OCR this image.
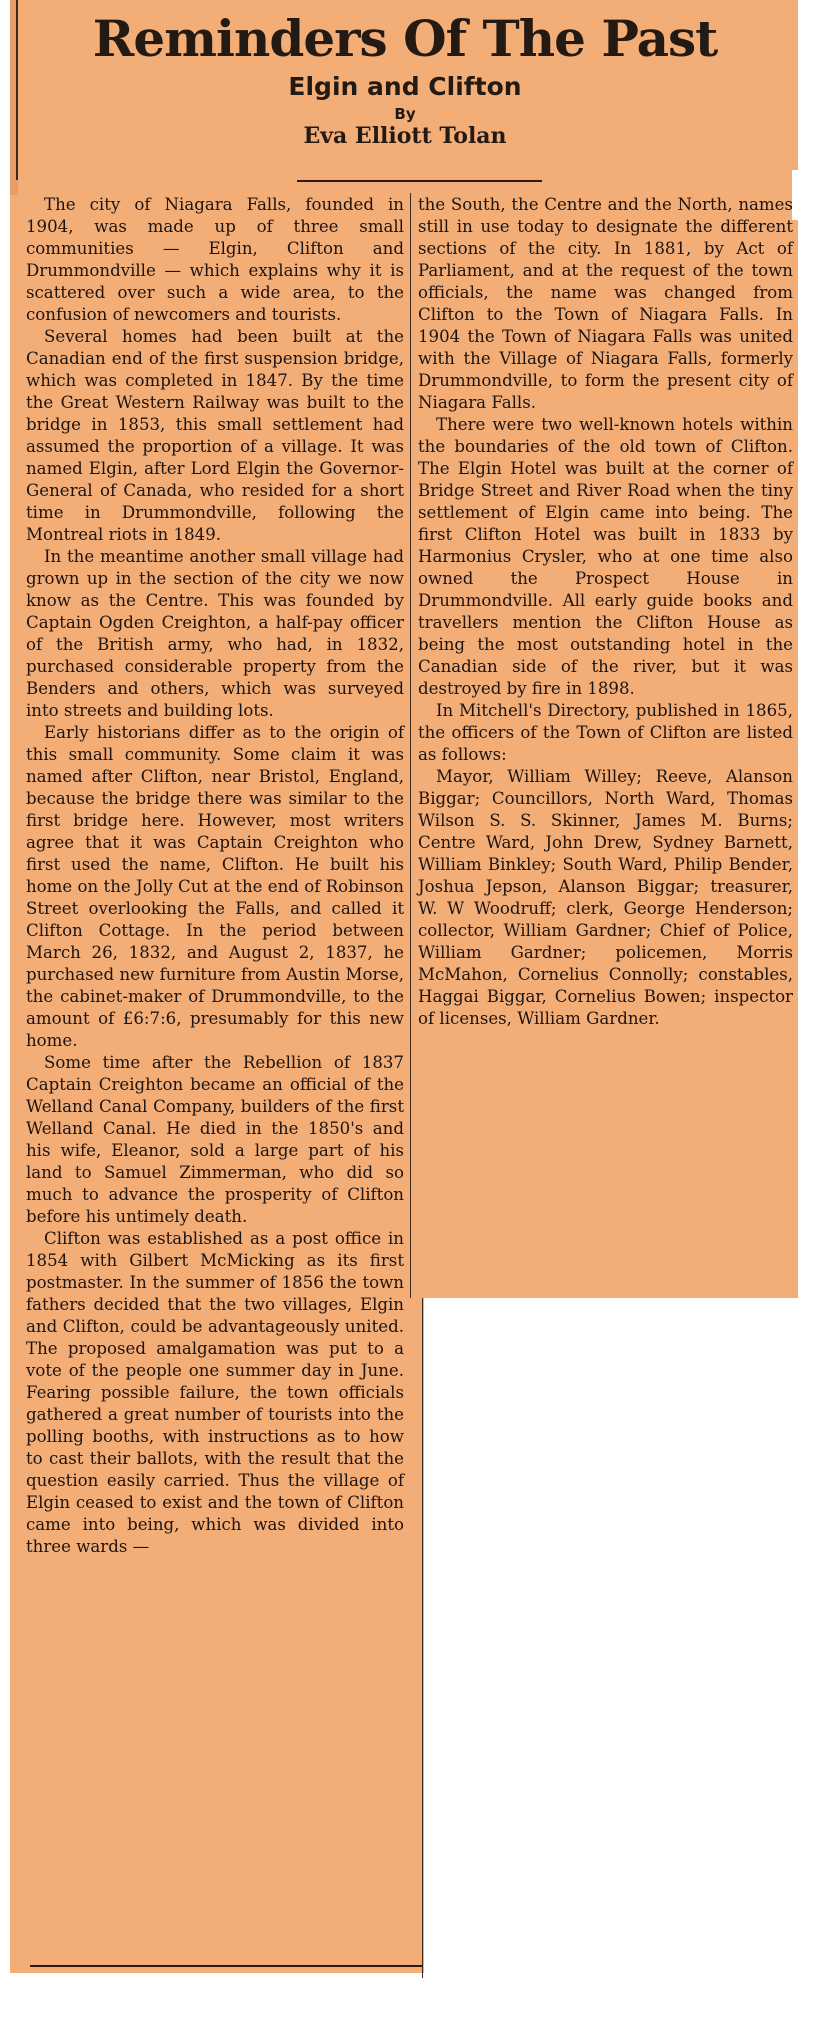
Reminders Of The Past
Elgin and Clifton
By
Eva Elliott Tolan

The city of Niagara Falls, founded in 1904, was made up of three small communities — Elgin, Clifton and Drummondville — which explains why it is scattered over such a wide area, to the confusion of newcomers and tourists.

Several homes had been built at the Canadian end of the first suspension bridge, which was completed in 1847. By the time the Great Western Railway was built to the bridge in 1853, this small settlement had assumed the proportion of a village. It was named Elgin, after Lord Elgin the Governor-General of Canada, who resided for a short time in Drummondville, following the Montreal riots in 1849.

In the meantime another small village had grown up in the section of the city we now know as the Centre. This was founded by Captain Ogden Creighton, a half-pay officer of the British army, who had, in 1832, purchased considerable property from the Benders and others, which was surveyed into streets and building lots.

Early historians differ as to the origin of this small community. Some claim it was named after Clifton, near Bristol, England, because the bridge there was similar to the first bridge here. However, most writers agree that it was Captain Creighton who first used the name, Clifton. He built his home on the Jolly Cut at the end of Robinson Street overlooking the Falls, and called it Clifton Cottage. In the period between March 26, 1832, and August 2, 1837, he purchased new furniture from Austin Morse, the cabinet-maker of Drummondville, to the amount of £6:7:6, presumably for this new home.

Some time after the Rebellion of 1837 Captain Creighton became an official of the Welland Canal Company, builders of the first Welland Canal. He died in the 1850's and his wife, Eleanor, sold a large part of his land to Samuel Zimmerman, who did so much to advance the prosperity of Clifton before his untimely death.

Clifton was established as a post office in 1854 with Gilbert McMicking as its first postmaster. In the summer of 1856 the town fathers decided that the two villages, Elgin and Clifton, could be advantageously united. The proposed amalgamation was put to a vote of the people one summer day in June. Fearing possible failure, the town officials gathered a great number of tourists into the polling booths, with instructions as to how to cast their ballots, with the result that the question easily carried. Thus the village of Elgin ceased to exist and the town of Clifton came into being, which was divided into three wards —

the South, the Centre and the North, names still in use today to designate the different sections of the city. In 1881, by Act of Parliament, and at the request of the town officials, the name was changed from Clifton to the Town of Niagara Falls. In 1904 the Town of Niagara Falls was united with the Village of Niagara Falls, formerly Drummondville, to form the present city of Niagara Falls.

There were two well-known hotels within the boundaries of the old town of Clifton. The Elgin Hotel was built at the corner of Bridge Street and River Road when the tiny settlement of Elgin came into being. The first Clifton Hotel was built in 1833 by Harmonius Crysler, who at one time also owned the Prospect House in Drummondville. All early guide books and travellers mention the Clifton House as being the most outstanding hotel in the Canadian side of the river, but it was destroyed by fire in 1898.

In Mitchell's Directory, published in 1865, the officers of the Town of Clifton are listed as follows:

Mayor, William Willey; Reeve, Alanson Biggar; Councillors, North Ward, Thomas Wilson S. S. Skinner, James M. Burns; Centre Ward, John Drew, Sydney Barnett, William Binkley; South Ward, Philip Bender, Joshua Jepson, Alanson Biggar; treasurer, W. W Woodruff; clerk, George Henderson; collector, William Gardner; Chief of Police, William Gardner; policemen, Morris McMahon, Cornelius Connolly; constables, Haggai Biggar, Cornelius Bowen; inspector of licenses, William Gardner.
